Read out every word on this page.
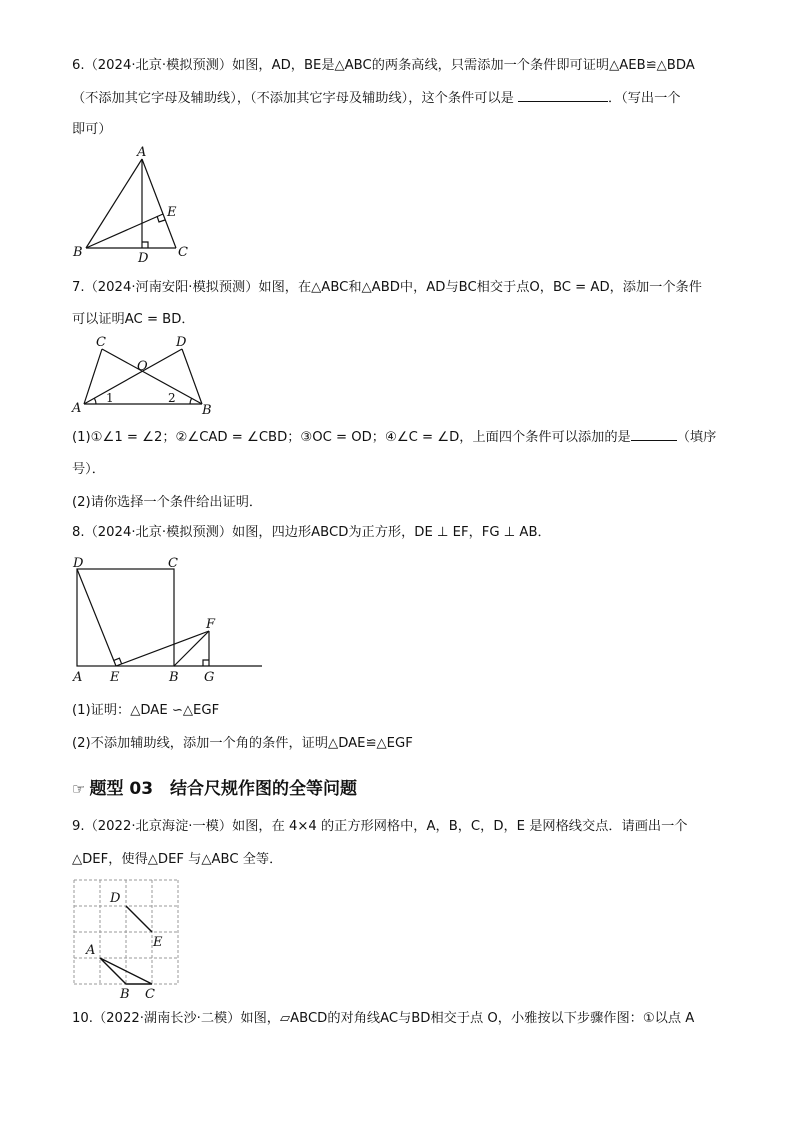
6.（2024·北京·模拟预测）如图，AD，BE是△ABC的两条高线，只需添加一个条件即可证明△AEB≌△BDA
（不添加其它字母及辅助线），（不添加其它字母及辅助线），这个条件可以是	．（写出一个
即可）
A
B	C
D
E
7.（2024·河南安阳·模拟预测）如图，在△ABC和△ABD中，AD与BC相交于点O，BC = AD，添加一个条件
可以证明AC = BD．
C	D
O
A	B
1	2
(1)①∠1 = ∠2；②∠CAD = ∠CBD；③OC = OD；④∠C = ∠D，上面四个条件可以添加的是	（填序
号）．
(2)请你选择一个条件给出证明．
8.（2024·北京·模拟预测）如图，四边形ABCD为正方形，DE ⊥ EF，FG ⊥ AB．
D	C
A E	B G
F
(1)证明：△DAE ∽△EGF
(2)不添加辅助线，添加一个角的条件，证明△DAE≌△EGF
☞ 题型 03　结合尺规作图的全等问题
9.（2022·北京海淀·一模）如图，在 4×4 的正方形网格中，A，B，C，D，E 是网格线交点．请画出一个
△DEF，使得△DEF 与△ABC 全等．
D
E
A
B C
10.（2022·湖南长沙·二模）如图，▱ABCD的对角线AC与BD相交于点 O，小雅按以下步骤作图：①以点 A
